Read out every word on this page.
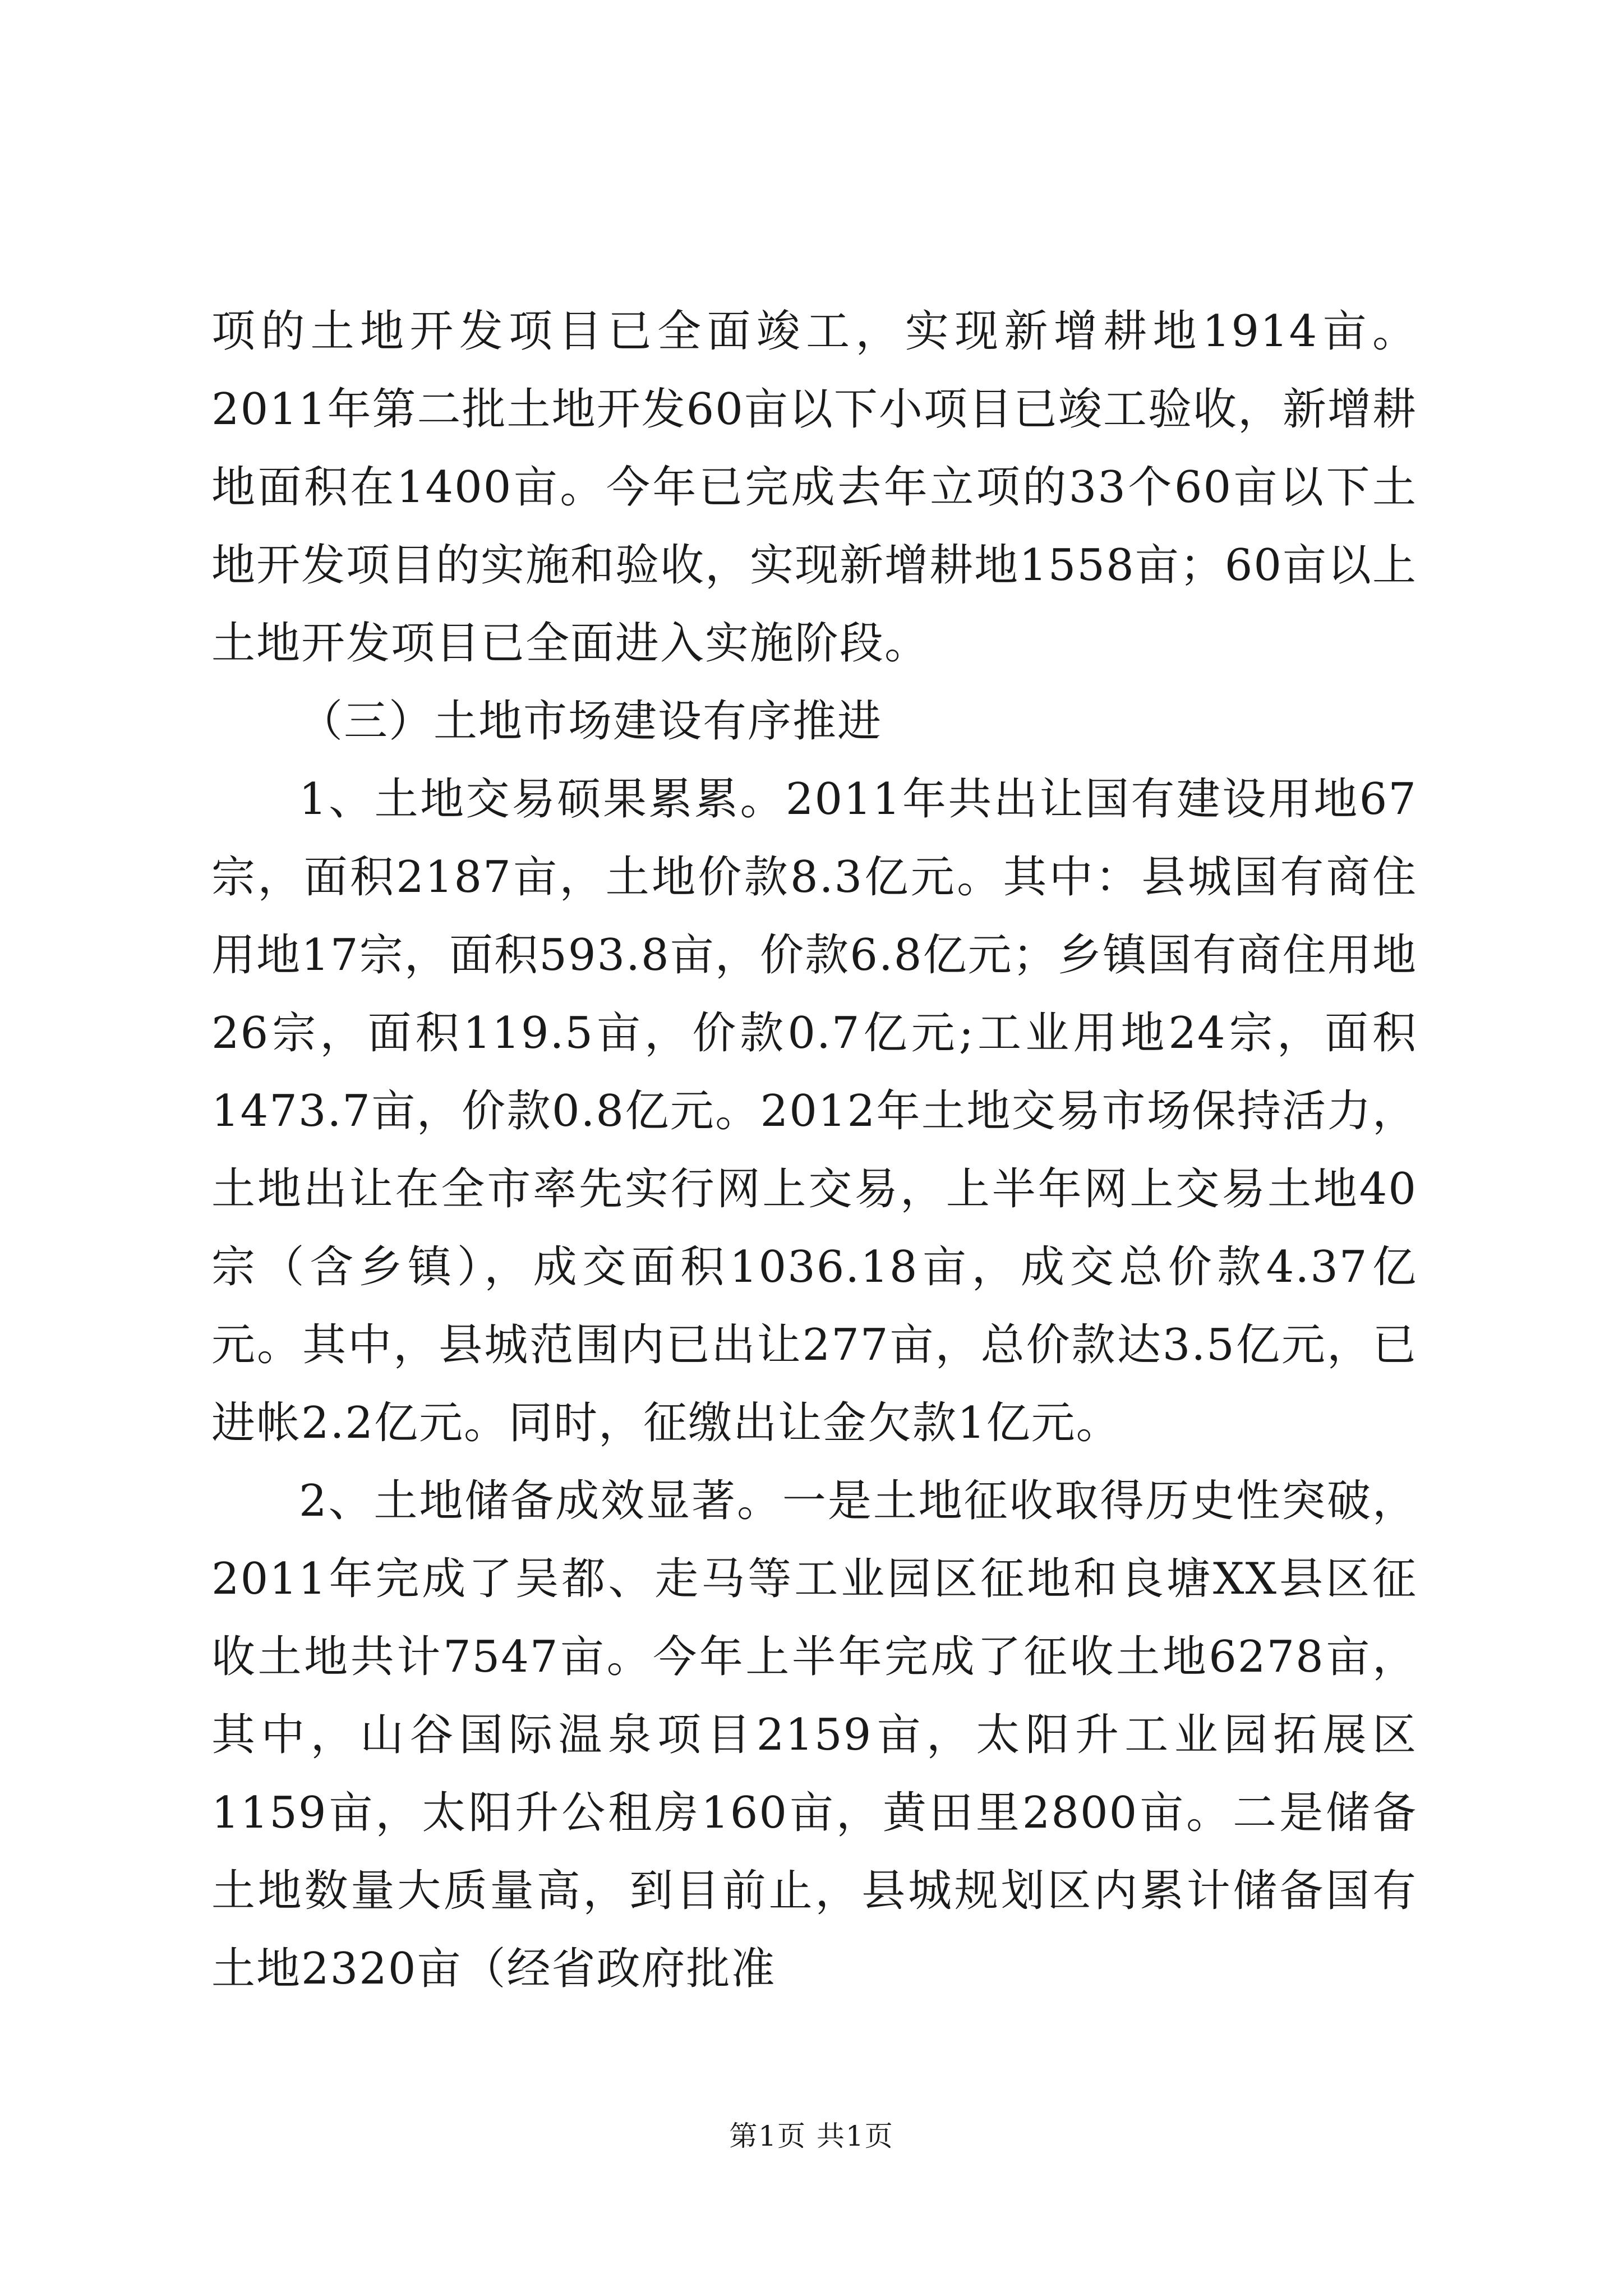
项的土地开发项目已全面竣工，实现新增耕地1914亩。2011年第二批土地开发60亩以下小项目已竣工验收，新增耕地面积在1400亩。今年已完成去年立项的33个60亩以下土地开发项目的实施和验收，实现新增耕地1558亩；60亩以上土地开发项目已全面进入实施阶段。

（三）土地市场建设有序推进

1、土地交易硕果累累。2011年共出让国有建设用地67宗，面积2187亩，土地价款8.3亿元。其中：县城国有商住用地17宗，面积593.8亩，价款6.8亿元；乡镇国有商住用地26宗，面积119.5亩，价款0.7亿元;工业用地24宗，面积1473.7亩，价款0.8亿元。2012年土地交易市场保持活力，土地出让在全市率先实行网上交易，上半年网上交易土地40宗（含乡镇），成交面积1036.18亩，成交总价款4.37亿元。其中，县城范围内已出让277亩，总价款达3.5亿元，已进帐2.2亿元。同时，征缴出让金欠款1亿元。

2、土地储备成效显著。一是土地征收取得历史性突破，2011年完成了吴都、走马等工业园区征地和良塘XX县区征收土地共计7547亩。今年上半年完成了征收土地6278亩，其中，山谷国际温泉项目2159亩，太阳升工业园拓展区1159亩，太阳升公租房160亩，黄田里2800亩。二是储备土地数量大质量高，到目前止，县城规划区内累计储备国有土地2320亩（经省政府批准

第1页 共1页
